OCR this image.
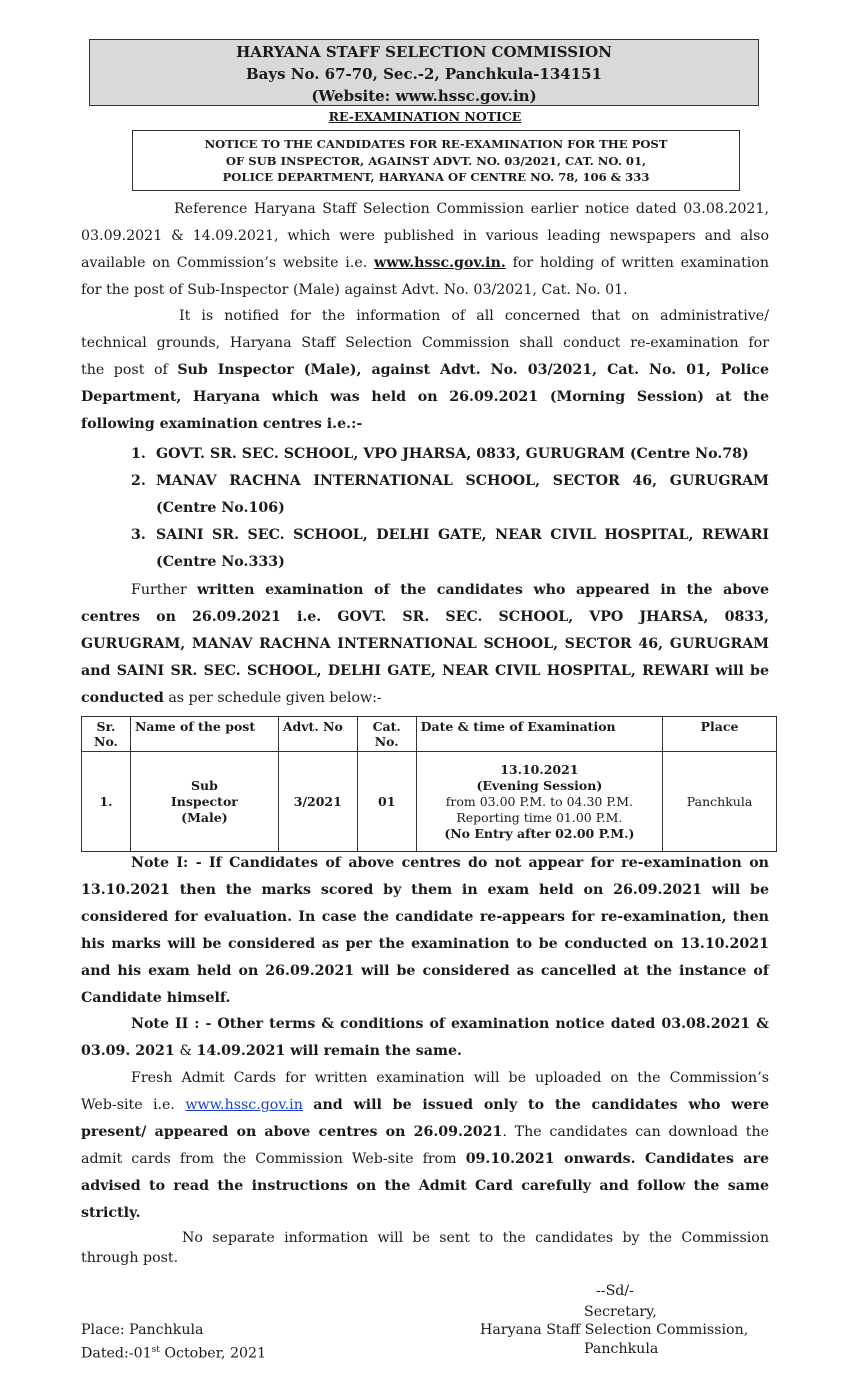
HARYANA STAFF SELECTION COMMISSION
Bays No. 67-70, Sec.-2, Panchkula-134151
(Website: www.hssc.gov.in)
RE-EXAMINATION NOTICE
NOTICE TO THE CANDIDATES FOR RE-EXAMINATION FOR THE POST
OF SUB INSPECTOR, AGAINST ADVT. NO. 03/2021, CAT. NO. 01,
POLICE DEPARTMENT, HARYANA OF CENTRE NO. 78, 106 & 333
Reference Haryana Staff Selection Commission earlier notice dated 03.08.2021,
03.09.2021 & 14.09.2021, which were published in various leading newspapers and also
available on Commission’s website i.e. www.hssc.gov.in. for holding of written examination
for the post of Sub-Inspector (Male) against Advt. No. 03/2021, Cat. No. 01.
It is notified for the information of all concerned that on administrative/
technical grounds, Haryana Staff Selection Commission shall conduct re-examination for
the post of Sub Inspector (Male), against Advt. No. 03/2021, Cat. No. 01, Police
Department, Haryana which was held on 26.09.2021 (Morning Session) at the
following examination centres i.e.:-
1. GOVT. SR. SEC. SCHOOL, VPO JHARSA, 0833, GURUGRAM (Centre No.78)
2. MANAV RACHNA INTERNATIONAL SCHOOL, SECTOR 46, GURUGRAM
(Centre No.106)
3. SAINI SR. SEC. SCHOOL, DELHI GATE, NEAR CIVIL HOSPITAL, REWARI
(Centre No.333)
Further written examination of the candidates who appeared in the above
centres on 26.09.2021 i.e. GOVT. SR. SEC. SCHOOL, VPO JHARSA, 0833,
GURUGRAM, MANAV RACHNA INTERNATIONAL SCHOOL, SECTOR 46, GURUGRAM
and SAINI SR. SEC. SCHOOL, DELHI GATE, NEAR CIVIL HOSPITAL, REWARI will be
conducted as per schedule given below:-
Sr. No.	Name of the post	Advt. No	Cat. No.	Date & time of Examination	Place
1.	Sub Inspector (Male)	3/2021	01	13.10.2021
(Evening Session)
from 03.00 P.M. to 04.30 P.M.
Reporting time 01.00 P.M.
(No Entry after 02.00 P.M.)	Panchkula
Note I: - If Candidates of above centres do not appear for re-examination on
13.10.2021 then the marks scored by them in exam held on 26.09.2021 will be
considered for evaluation. In case the candidate re-appears for re-examination, then
his marks will be considered as per the examination to be conducted on 13.10.2021
and his exam held on 26.09.2021 will be considered as cancelled at the instance of
Candidate himself.
Note II : - Other terms & conditions of examination notice dated 03.08.2021 &
03.09. 2021 & 14.09.2021 will remain the same.
Fresh Admit Cards for written examination will be uploaded on the Commission’s
Web-site i.e. www.hssc.gov.in and will be issued only to the candidates who were
present/ appeared on above centres on 26.09.2021. The candidates can download the
admit cards from the Commission Web-site from 09.10.2021 onwards. Candidates are
advised to read the instructions on the Admit Card carefully and follow the same
strictly.
No separate information will be sent to the candidates by the Commission
through post.
--Sd/-
Secretary,
Haryana Staff Selection Commission,
Panchkula
Place: Panchkula
Dated:-01st October, 2021
